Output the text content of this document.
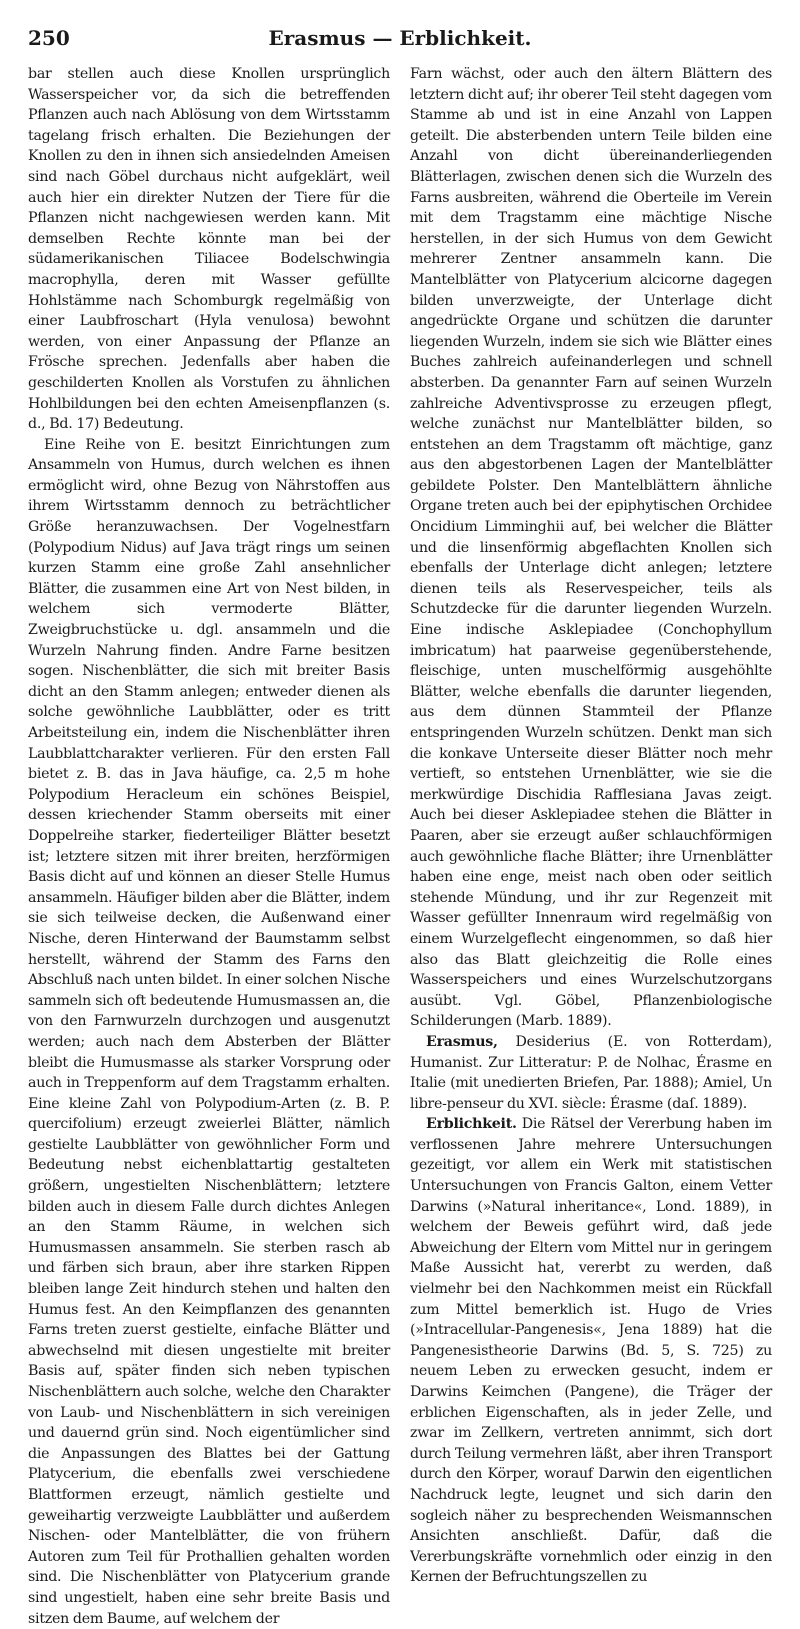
250	Erasmus — Erblichkeit.

bar stellen auch diese Knollen ursprünglich Wasserspeicher vor, da sich die betreffenden Pflanzen auch nach Ablösung von dem Wirtsstamm tagelang frisch erhalten. Die Beziehungen der Knollen zu den in ihnen sich ansiedelnden Ameisen sind nach Göbel durchaus nicht aufgeklärt, weil auch hier ein direkter Nutzen der Tiere für die Pflanzen nicht nachgewiesen werden kann. Mit demselben Rechte könnte man bei der südamerikanischen Tiliacee Bodelschwingia macrophylla, deren mit Wasser gefüllte Hohlstämme nach Schomburgk regelmäßig von einer Laubfroschart (Hyla venulosa) bewohnt werden, von einer Anpassung der Pflanze an Frösche sprechen. Jedenfalls aber haben die geschilderten Knollen als Vorstufen zu ähnlichen Hohlbildungen bei den echten Ameisenpflanzen (s. d., Bd. 17) Bedeutung.

Eine Reihe von E. besitzt Einrichtungen zum Ansammeln von Humus, durch welchen es ihnen ermöglicht wird, ohne Bezug von Nährstoffen aus ihrem Wirtsstamm dennoch zu beträchtlicher Größe heranzuwachsen. Der Vogelnestfarn (Polypodium Nidus) auf Java trägt rings um seinen kurzen Stamm eine große Zahl ansehnlicher Blätter, die zusammen eine Art von Nest bilden, in welchem sich vermoderte Blätter, Zweigbruchstücke u. dgl. ansammeln und die Wurzeln Nahrung finden. Andre Farne besitzen sogen. Nischenblätter, die sich mit breiter Basis dicht an den Stamm anlegen; entweder dienen als solche gewöhnliche Laubblätter, oder es tritt Arbeitsteilung ein, indem die Nischenblätter ihren Laubblattcharakter verlieren. Für den ersten Fall bietet z. B. das in Java häufige, ca. 2,5 m hohe Polypodium Heracleum ein schönes Beispiel, dessen kriechender Stamm oberseits mit einer Doppelreihe starker, fiederteiliger Blätter besetzt ist; letztere sitzen mit ihrer breiten, herzförmigen Basis dicht auf und können an dieser Stelle Humus ansammeln. Häufiger bilden aber die Blätter, indem sie sich teilweise decken, die Außenwand einer Nische, deren Hinterwand der Baumstamm selbst herstellt, während der Stamm des Farns den Abschluß nach unten bildet. In einer solchen Nische sammeln sich oft bedeutende Humusmassen an, die von den Farnwurzeln durchzogen und ausgenutzt werden; auch nach dem Absterben der Blätter bleibt die Humusmasse als starker Vorsprung oder auch in Treppenform auf dem Tragstamm erhalten. Eine kleine Zahl von Polypodium-Arten (z. B. P. quercifolium) erzeugt zweierlei Blätter, nämlich gestielte Laubblätter von gewöhnlicher Form und Bedeutung nebst eichenblattartig gestalteten größern, ungestielten Nischenblättern; letztere bilden auch in diesem Falle durch dichtes Anlegen an den Stamm Räume, in welchen sich Humusmassen ansammeln. Sie sterben rasch ab und färben sich braun, aber ihre starken Rippen bleiben lange Zeit hindurch stehen und halten den Humus fest. An den Keimpflanzen des genannten Farns treten zuerst gestielte, einfache Blätter und abwechselnd mit diesen ungestielte mit breiter Basis auf, später finden sich neben typischen Nischenblättern auch solche, welche den Charakter von Laub- und Nischenblättern in sich vereinigen und dauernd grün sind. Noch eigentümlicher sind die Anpassungen des Blattes bei der Gattung Platycerium, die ebenfalls zwei verschiedene Blattformen erzeugt, nämlich gestielte und geweihartig verzweigte Laubblätter und außerdem Nischen- oder Mantelblätter, die von frühern Autoren zum Teil für Prothallien gehalten worden sind. Die Nischenblätter von Platycerium grande sind ungestielt, haben eine sehr breite Basis und sitzen dem Baume, auf welchem der

Farn wächst, oder auch den ältern Blättern des letztern dicht auf; ihr oberer Teil steht dagegen vom Stamme ab und ist in eine Anzahl von Lappen geteilt. Die absterbenden untern Teile bilden eine Anzahl von dicht übereinanderliegenden Blätterlagen, zwischen denen sich die Wurzeln des Farns ausbreiten, während die Oberteile im Verein mit dem Tragstamm eine mächtige Nische herstellen, in der sich Humus von dem Gewicht mehrerer Zentner ansammeln kann. Die Mantelblätter von Platycerium alcicorne dagegen bilden unverzweigte, der Unterlage dicht angedrückte Organe und schützen die darunter liegenden Wurzeln, indem sie sich wie Blätter eines Buches zahlreich aufeinanderlegen und schnell absterben. Da genannter Farn auf seinen Wurzeln zahlreiche Adventivsprosse zu erzeugen pflegt, welche zunächst nur Mantelblätter bilden, so entstehen an dem Tragstamm oft mächtige, ganz aus den abgestorbenen Lagen der Mantelblätter gebildete Polster. Den Mantelblättern ähnliche Organe treten auch bei der epiphytischen Orchidee Oncidium Limminghii auf, bei welcher die Blätter und die linsenförmig abgeflachten Knollen sich ebenfalls der Unterlage dicht anlegen; letztere dienen teils als Reservespeicher, teils als Schutzdecke für die darunter liegenden Wurzeln. Eine indische Asklepiadee (Conchophyllum imbricatum) hat paarweise gegenüberstehende, fleischige, unten muschelförmig ausgehöhlte Blätter, welche ebenfalls die darunter liegenden, aus dem dünnen Stammteil der Pflanze entspringenden Wurzeln schützen. Denkt man sich die konkave Unterseite dieser Blätter noch mehr vertieft, so entstehen Urnenblätter, wie sie die merkwürdige Dischidia Rafflesiana Javas zeigt. Auch bei dieser Asklepiadee stehen die Blätter in Paaren, aber sie erzeugt außer schlauchförmigen auch gewöhnliche flache Blätter; ihre Urnenblätter haben eine enge, meist nach oben oder seitlich stehende Mündung, und ihr zur Regenzeit mit Wasser gefüllter Innenraum wird regelmäßig von einem Wurzelgeflecht eingenommen, so daß hier also das Blatt gleichzeitig die Rolle eines Wasserspeichers und eines Wurzelschutzorgans ausübt. Vgl. Göbel, Pflanzenbiologische Schilderungen (Marb. 1889).

Erasmus, Desiderius (E. von Rotterdam), Humanist. Zur Litteratur: P. de Nolhac, Érasme en Italie (mit unedierten Briefen, Par. 1888); Amiel, Un libre-penseur du XVI. siècle: Érasme (daſ. 1889).

Erblichkeit. Die Rätsel der Vererbung haben im verflossenen Jahre mehrere Untersuchungen gezeitigt, vor allem ein Werk mit statistischen Untersuchungen von Francis Galton, einem Vetter Darwins (»Natural inheritance«, Lond. 1889), in welchem der Beweis geführt wird, daß jede Abweichung der Eltern vom Mittel nur in geringem Maße Aussicht hat, vererbt zu werden, daß vielmehr bei den Nachkommen meist ein Rückfall zum Mittel bemerklich ist. Hugo de Vries (»Intracellular-Pangenesis«, Jena 1889) hat die Pangenesistheorie Darwins (Bd. 5, S. 725) zu neuem Leben zu erwecken gesucht, indem er Darwins Keimchen (Pangene), die Träger der erblichen Eigenschaften, als in jeder Zelle, und zwar im Zellkern, vertreten annimmt, sich dort durch Teilung vermehren läßt, aber ihren Transport durch den Körper, worauf Darwin den eigentlichen Nachdruck legte, leugnet und sich darin den sogleich näher zu besprechenden Weismannschen Ansichten anschließt. Dafür, daß die Vererbungskräfte vornehmlich oder einzig in den Kernen der Befruchtungszellen zu
